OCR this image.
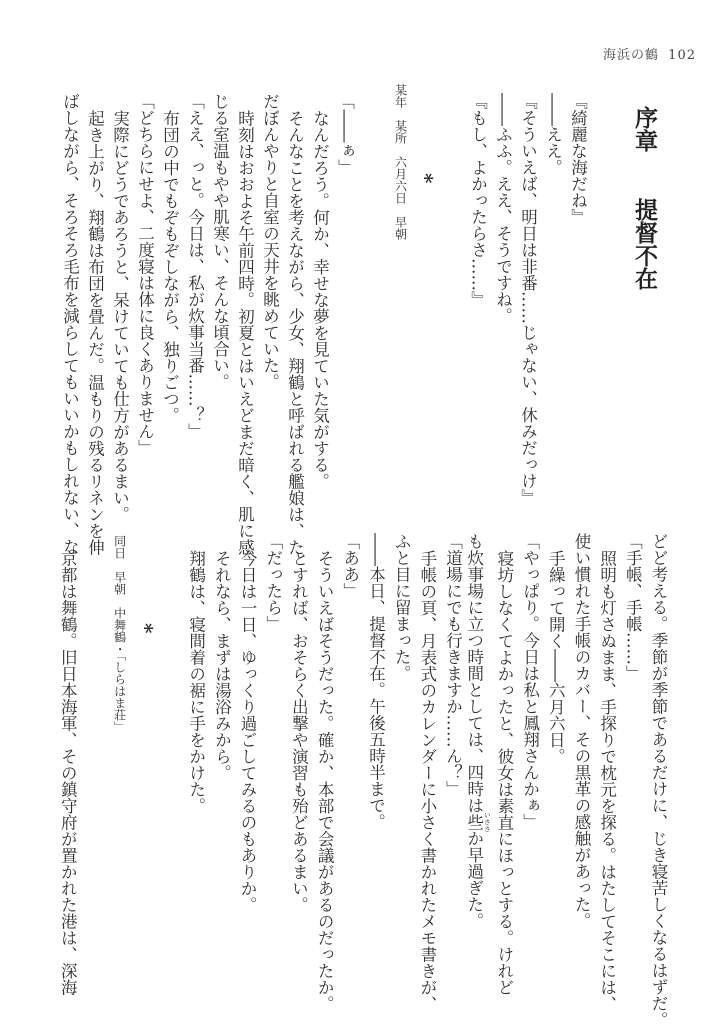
海浜の鶴 102
序章　　提督不在
『綺麗な海だね』
――ええ。
『そういえば、明日は非番……じゃない、休みだっけ』
――ふふ。ええ、そうですね。
『もし、よかったらさ……』
*
某年　某所　六月六日　早朝
「――ぁ」
なんだろう。何か、幸せな夢を見ていた気がする。
そんなことを考えながら、少女、翔鶴と呼ばれる艦娘は、た
だぼんやりと自室の天井を眺めていた。
時刻はおおよそ午前四時。初夏とはいえどまだ暗く、肌に感
じる室温もやや肌寒い、そんな頃合い。
「ええ、っと。今日は、私が炊事当番……？」
布団の中でもぞもぞしながら、独りごつ。
「どちらにせよ、二度寝は体に良くありません」
実際にどうであろうと、呆けていても仕方があるまい。
起き上がり、翔鶴は布団を畳んだ。温もりの残るリネンを伸
ばしながら、そろそろ毛布を減らしてもいいかもしれない、な
どど考える。季節が季節であるだけに、じき寝苦しくなるはずだ。
「手帳、手帳……」
照明も灯さぬまま、手探りで枕元を探る。はたしてそこには、
使い慣れた手帳のカバー、その黒革の感触があった。
手繰って開く――六月六日。
「やっぱり。今日は私と鳳翔さんかぁ」
寝坊しなくてよかったと、彼女は素直にほっとする。けれど
も炊事場に立つ時間としては、四時は些 いささか早過ぎた。
「道場にでも行きますか……ん？」
手帳の頁、月表式のカレンダーに小さく書かれたメモ書きが、
ふと目に留まった。
――本日、提督不在。午後五時半まで。
「ああ」
そういえばそうだった。確か、本部で会議があるのだったか。
とすれば、おそらく出撃や演習も殆どあるまい。
「だったら」
今日は一日、ゆっくり過ごしてみるのもありか。
それなら、まずは湯浴みから。
翔鶴は、寝間着の裾に手をかけた。
*
同日　早朝　中舞鶴・「しらはま荘」
京都は舞鶴。旧日本海軍、その鎮守府が置かれた港は、深海
